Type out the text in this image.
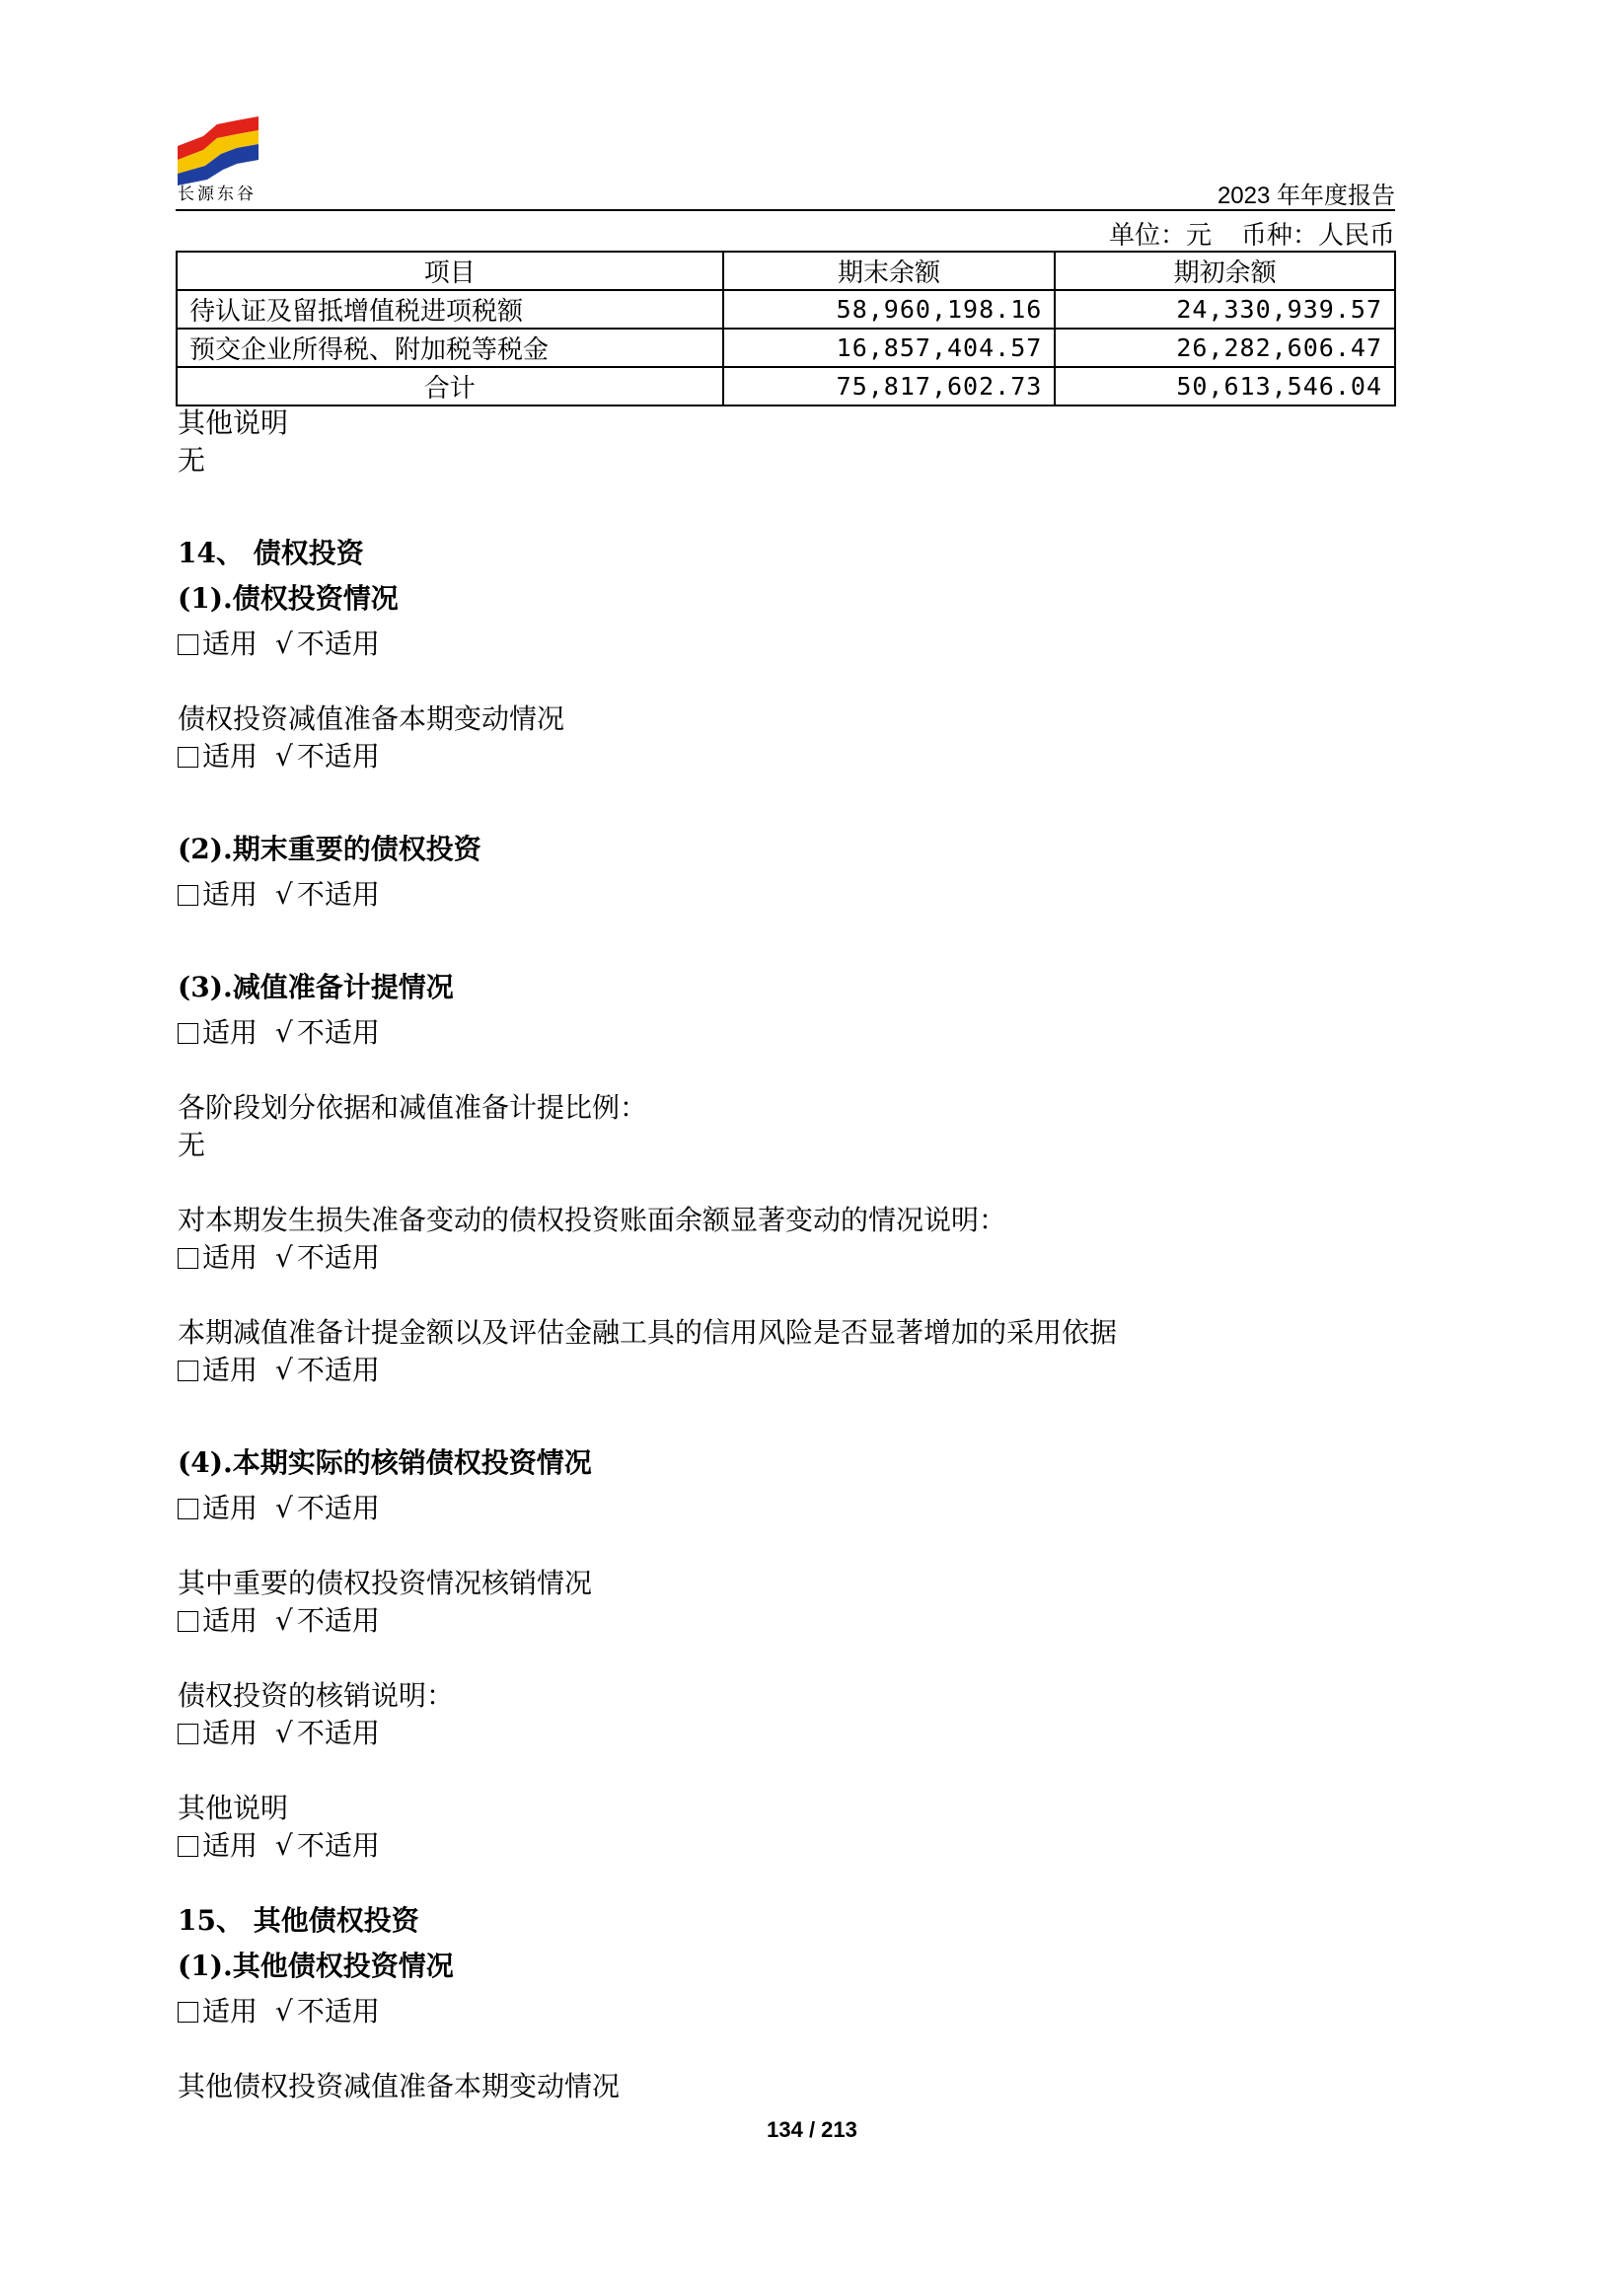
长源东谷	2023 年年度报告
单位：元 币种：人民币
项目	期末余额	期初余额
待认证及留抵增值税进项税额	58,960,198.16	24,330,939.57
预交企业所得税、附加税等税金	16,857,404.57	26,282,606.47
合计	75,817,602.73	50,613,546.04
其他说明
无
14、 债权投资
(1).债权投资情况
适用 √ 不适用
债权投资减值准备本期变动情况
适用 √ 不适用
(2).期末重要的债权投资
适用 √ 不适用
(3).减值准备计提情况
适用 √ 不适用
各阶段划分依据和减值准备计提比例：
无
对本期发生损失准备变动的债权投资账面余额显著变动的情况说明：
适用 √ 不适用
本期减值准备计提金额以及评估金融工具的信用风险是否显著增加的采用依据
适用 √ 不适用
(4).本期实际的核销债权投资情况
适用 √ 不适用
其中重要的债权投资情况核销情况
适用 √ 不适用
债权投资的核销说明：
适用 √ 不适用
其他说明
适用 √ 不适用
15、 其他债权投资
(1).其他债权投资情况
适用 √ 不适用
其他债权投资减值准备本期变动情况
134 / 213
